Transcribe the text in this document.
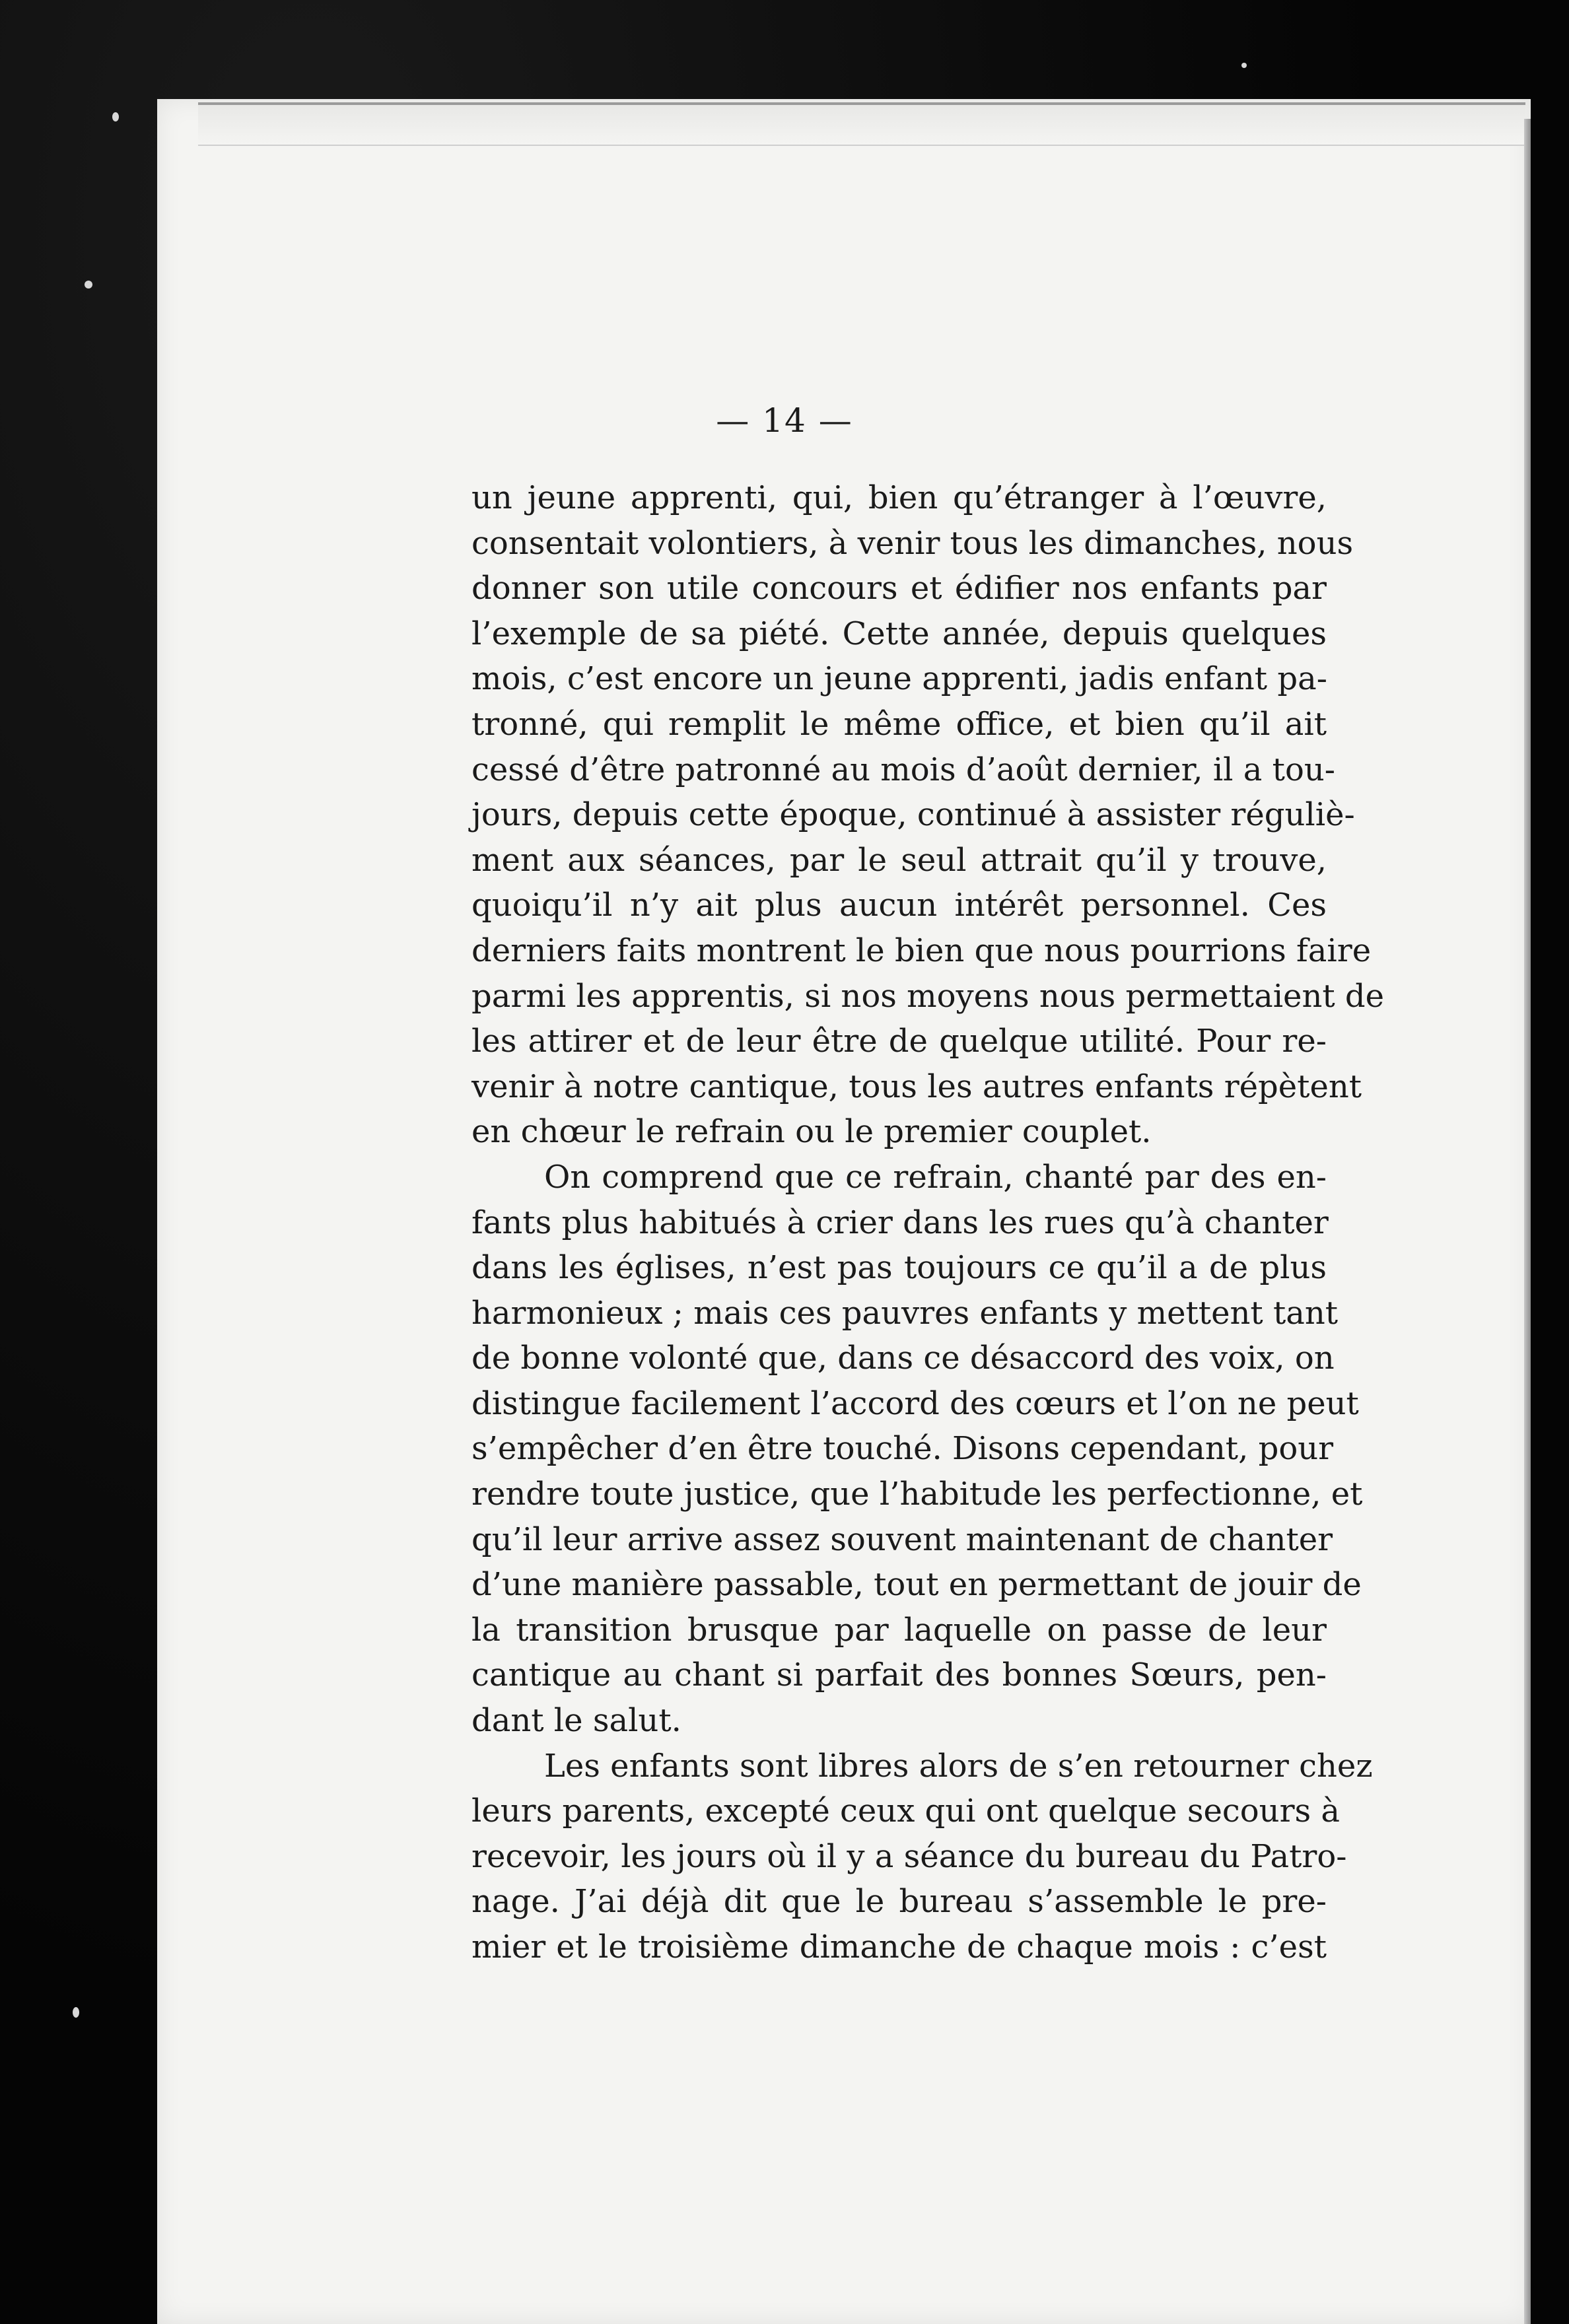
— 14 —

un jeune apprenti, qui, bien qu’étranger à l’œuvre,
consentait volontiers, à venir tous les dimanches, nous
donner son utile concours et édifier nos enfants par
l’exemple de sa piété. Cette année, depuis quelques
mois, c’est encore un jeune apprenti, jadis enfant pa-
tronné, qui remplit le même office, et bien qu’il ait
cessé d’être patronné au mois d’août dernier, il a tou-
jours, depuis cette époque, continué à assister réguliè-
ment aux séances, par le seul attrait qu’il y trouve,
quoiqu’il n’y ait plus aucun intérêt personnel. Ces
derniers faits montrent le bien que nous pourrions faire
parmi les apprentis, si nos moyens nous permettaient de
les attirer et de leur être de quelque utilité. Pour re-
venir à notre cantique, tous les autres enfants répètent
en chœur le refrain ou le premier couplet.

On comprend que ce refrain, chanté par des en-
fants plus habitués à crier dans les rues qu’à chanter
dans les églises, n’est pas toujours ce qu’il a de plus
harmonieux ; mais ces pauvres enfants y mettent tant
de bonne volonté que, dans ce désaccord des voix, on
distingue facilement l’accord des cœurs et l’on ne peut
s’empêcher d’en être touché. Disons cependant, pour
rendre toute justice, que l’habitude les perfectionne, et
qu’il leur arrive assez souvent maintenant de chanter
d’une manière passable, tout en permettant de jouir de
la transition brusque par laquelle on passe de leur
cantique au chant si parfait des bonnes Sœurs, pen-
dant le salut.

Les enfants sont libres alors de s’en retourner chez
leurs parents, excepté ceux qui ont quelque secours à
recevoir, les jours où il y a séance du bureau du Patro-
nage. J’ai déjà dit que le bureau s’assemble le pre-
mier et le troisième dimanche de chaque mois : c’est
